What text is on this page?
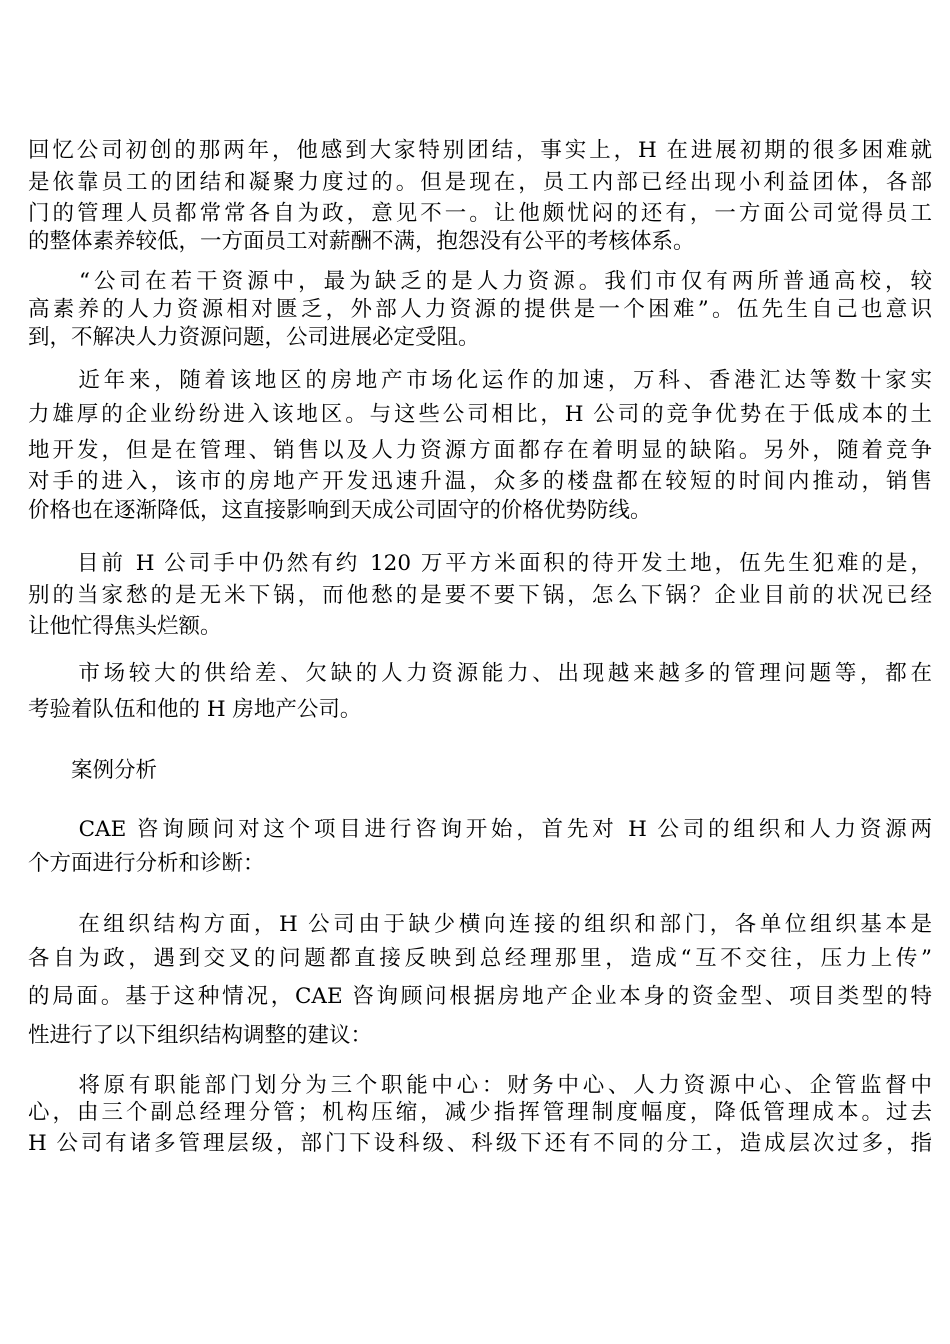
回忆公司初创的那两年，他感到大家特别团结，事实上，H 在进展初期的很多困难就
是依靠员工的团结和凝聚力度过的。但是现在，员工内部已经出现小利益团体，各部
门的管理人员都常常各自为政，意见不一。让他颇忧闷的还有，一方面公司觉得员工
的整体素养较低，一方面员工对薪酬不满，抱怨没有公平的考核体系。
　　“公司在若干资源中，最为缺乏的是人力资源。我们市仅有两所普通高校，较
高素养的人力资源相对匮乏，外部人力资源的提供是一个困难”。伍先生自己也意识
到，不解决人力资源问题，公司进展必定受阻。
　　近年来，随着该地区的房地产市场化运作的加速，万科、香港汇达等数十家实
力雄厚的企业纷纷进入该地区。与这些公司相比，H 公司的竞争优势在于低成本的土
地开发，但是在管理、销售以及人力资源方面都存在着明显的缺陷。另外，随着竞争
对手的进入，该市的房地产开发迅速升温，众多的楼盘都在较短的时间内推动，销售
价格也在逐渐降低，这直接影响到天成公司固守的价格优势防线。
　　目前 H 公司手中仍然有约 120 万平方米面积的待开发土地，伍先生犯难的是，
别的当家愁的是无米下锅，而他愁的是要不要下锅，怎么下锅？企业目前的状况已经
让他忙得焦头烂额。
　　市场较大的供给差、欠缺的人力资源能力、出现越来越多的管理问题等，都在
考验着队伍和他的 H 房地产公司。
　　案例分析
　　CAE 咨询顾问对这个项目进行咨询开始，首先对 H 公司的组织和人力资源两
个方面进行分析和诊断：
　　在组织结构方面，H 公司由于缺少横向连接的组织和部门，各单位组织基本是
各自为政，遇到交叉的问题都直接反映到总经理那里，造成“互不交往，压力上传”
的局面。基于这种情况，CAE 咨询顾问根据房地产企业本身的资金型、项目类型的特
性进行了以下组织结构调整的建议：
　　将原有职能部门划分为三个职能中心：财务中心、人力资源中心、企管监督中
心，由三个副总经理分管；机构压缩，减少指挥管理制度幅度，降低管理成本。过去
H 公司有诸多管理层级，部门下设科级、科级下还有不同的分工，造成层次过多，指
